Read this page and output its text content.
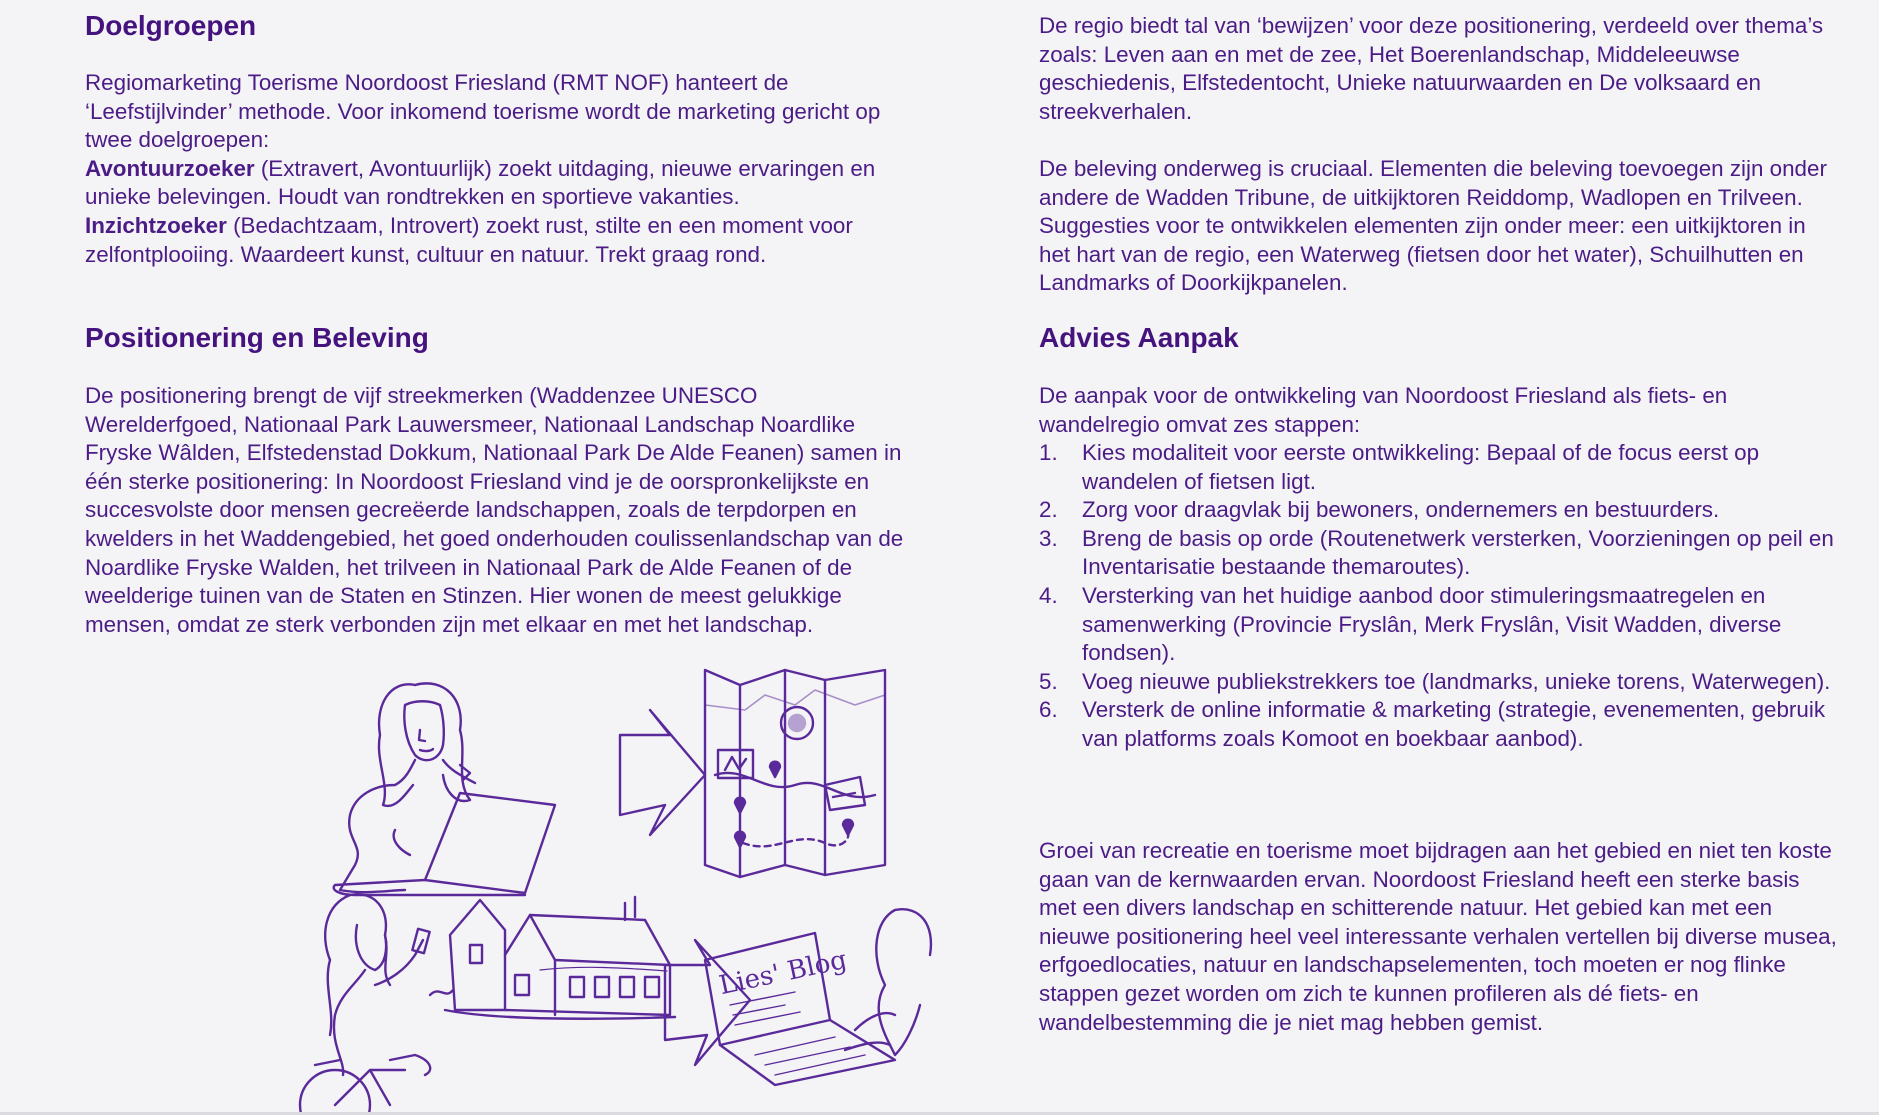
Doelgroepen

Regiomarketing Toerisme Noordoost Friesland (RMT NOF) hanteert de ‘Leefstijlvinder’ methode. Voor inkomend toerisme wordt de marketing gericht op twee doelgroepen:
Avontuurzoeker (Extravert, Avontuurlijk) zoekt uitdaging, nieuwe ervaringen en unieke belevingen. Houdt van rondtrekken en sportieve vakanties.
Inzichtzoeker (Bedachtzaam, Introvert) zoekt rust, stilte en een moment voor zelfontplooiing. Waardeert kunst, cultuur en natuur. Trekt graag rond.

Positionering en Beleving

De positionering brengt de vijf streekmerken (Waddenzee UNESCO Werelderfgoed, Nationaal Park Lauwersmeer, Nationaal Landschap Noardlike Fryske Wâlden, Elfstedenstad Dokkum, Nationaal Park De Alde Feanen) samen in één sterke positionering: In Noordoost Friesland vind je de oorspronkelijkste en succesvolste door mensen gecreëerde landschappen, zoals de terpdorpen en kwelders in het Waddengebied, het goed onderhouden coulissenlandschap van de Noardlike Fryske Walden, het trilveen in Nationaal Park de Alde Feanen of de weelderige tuinen van de Staten en Stinzen. Hier wonen de meest gelukkige mensen, omdat ze sterk verbonden zijn met elkaar en met het landschap.

Lies' Blog

De regio biedt tal van ‘bewijzen’ voor deze positionering, verdeeld over thema’s zoals: Leven aan en met de zee, Het Boerenlandschap, Middeleeuwse geschiedenis, Elfstedentocht, Unieke natuurwaarden en De volksaard en streekverhalen.

De beleving onderweg is cruciaal. Elementen die beleving toevoegen zijn onder andere de Wadden Tribune, de uitkijktoren Reiddomp, Wadlopen en Trilveen. Suggesties voor te ontwikkelen elementen zijn onder meer: een uitkijktoren in het hart van de regio, een Waterweg (fietsen door het water), Schuilhutten en Landmarks of Doorkijkpanelen.

Advies Aanpak

De aanpak voor de ontwikkeling van Noordoost Friesland als fiets- en wandelregio omvat zes stappen:

1. Kies modaliteit voor eerste ontwikkeling: Bepaal of de focus eerst op wandelen of fietsen ligt.
2. Zorg voor draagvlak bij bewoners, ondernemers en bestuurders.
3. Breng de basis op orde (Routenetwerk versterken, Voorzieningen op peil en Inventarisatie bestaande themaroutes).
4. Versterking van het huidige aanbod door stimuleringsmaatregelen en samenwerking (Provincie Fryslân, Merk Fryslân, Visit Wadden, diverse fondsen).
5. Voeg nieuwe publiekstrekkers toe (landmarks, unieke torens, Waterwegen).
6. Versterk de online informatie & marketing (strategie, evenementen, gebruik van platforms zoals Komoot en boekbaar aanbod).

Groei van recreatie en toerisme moet bijdragen aan het gebied en niet ten koste gaan van de kernwaarden ervan. Noordoost Friesland heeft een sterke basis met een divers landschap en schitterende natuur. Het gebied kan met een nieuwe positionering heel veel interessante verhalen vertellen bij diverse musea, erfgoedlocaties, natuur en landschapselementen, toch moeten er nog flinke stappen gezet worden om zich te kunnen profileren als dé fiets- en wandelbestemming die je niet mag hebben gemist.
